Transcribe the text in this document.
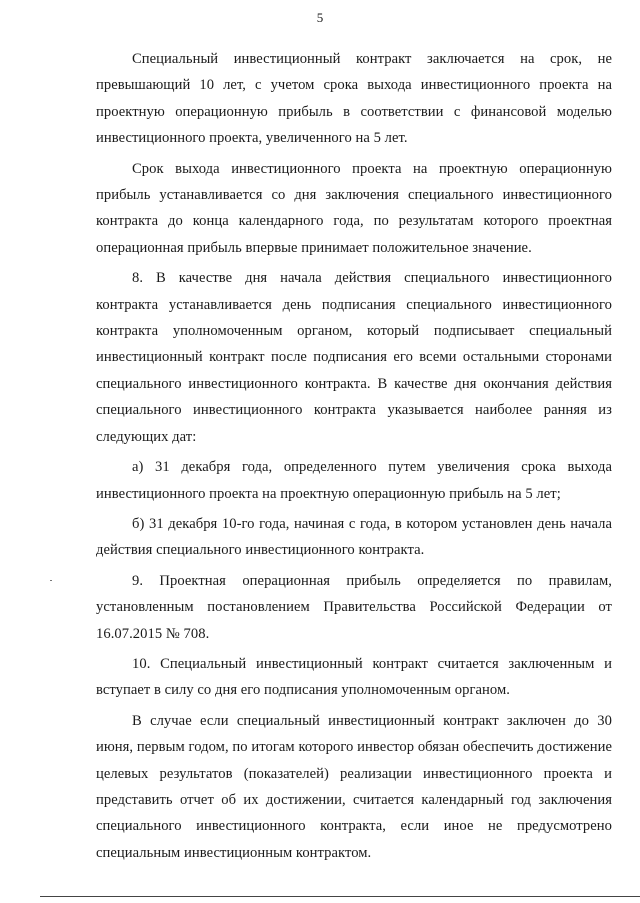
5

Специальный инвестиционный контракт заключается на срок, не превышающий 10 лет, с учетом срока выхода инвестиционного проекта на проектную операционную прибыль в соответствии с финансовой моделью инвестиционного проекта, увеличенного на 5 лет.

Срок выхода инвестиционного проекта на проектную операционную прибыль устанавливается со дня заключения специального инвестиционного контракта до конца календарного года, по результатам которого проектная операционная прибыль впервые принимает положительное значение.

8. В качестве дня начала действия специального инвестиционного контракта устанавливается день подписания специального инвестиционного контракта уполномоченным органом, который подписывает специальный инвестиционный контракт после подписания его всеми остальными сторонами специального инвестиционного контракта. В качестве дня окончания действия специального инвестиционного контракта указывается наиболее ранняя из следующих дат:

а) 31 декабря года, определенного путем увеличения срока выхода инвестиционного проекта на проектную операционную прибыль на 5 лет;

б) 31 декабря 10-го года, начиная с года, в котором установлен день начала действия специального инвестиционного контракта.

9. Проектная операционная прибыль определяется по правилам, установленным постановлением Правительства Российской Федерации от 16.07.2015 № 708.

10. Специальный инвестиционный контракт считается заключенным и вступает в силу со дня его подписания уполномоченным органом.

В случае если специальный инвестиционный контракт заключен до 30 июня, первым годом, по итогам которого инвестор обязан обеспечить достижение целевых результатов (показателей) реализации инвестиционного проекта и представить отчет об их достижении, считается календарный год заключения специального инвестиционного контракта, если иное не предусмотрено специальным инвестиционным контрактом.
